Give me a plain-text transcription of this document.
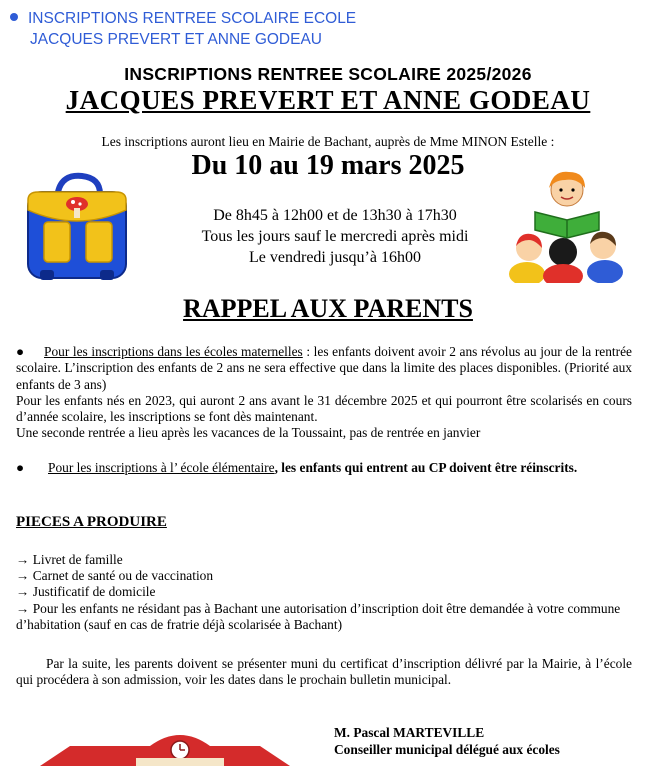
INSCRIPTIONS RENTREE SCOLAIRE ECOLE
JACQUES PREVERT ET ANNE GODEAU
INSCRIPTIONS RENTREE SCOLAIRE 2025/2026
JACQUES PREVERT ET ANNE GODEAU
Les inscriptions auront lieu en Mairie de Bachant, auprès de Mme MINON Estelle :
Du 10 au 19 mars 2025
De 8h45 à 12h00 et de 13h30 à 17h30
Tous les jours sauf le mercredi après midi
Le vendredi jusqu’à 16h00
RAPPEL AUX PARENTS
● Pour les inscriptions dans les écoles maternelles : les enfants doivent avoir 2 ans révolus au jour de la rentrée scolaire. L’inscription des enfants de 2 ans ne sera effective que dans la limite des places disponibles. (Priorité aux enfants de 3 ans)
Pour les enfants nés en 2023, qui auront 2 ans avant le 31 décembre 2025 et qui pourront être scolarisés en cours d’année scolaire, les inscriptions se font dès maintenant.
Une seconde rentrée a lieu après les vacances de la Toussaint, pas de rentrée en janvier
● Pour les inscriptions à l’ école élémentaire, les enfants qui entrent au CP doivent être réinscrits.
PIECES A PRODUIRE
→ Livret de famille
→ Carnet de santé ou de vaccination
→ Justificatif de domicile
→ Pour les enfants ne résidant pas à Bachant une autorisation d’inscription doit être demandée à votre commune d’habitation (sauf en cas de fratrie déjà scolarisée à Bachant)
Par la suite, les parents doivent se présenter muni du certificat d’inscription délivré par la Mairie, à l’école qui procédera à son admission, voir les dates dans le prochain bulletin municipal.
M. Pascal MARTEVILLE
Conseiller municipal délégué aux écoles
